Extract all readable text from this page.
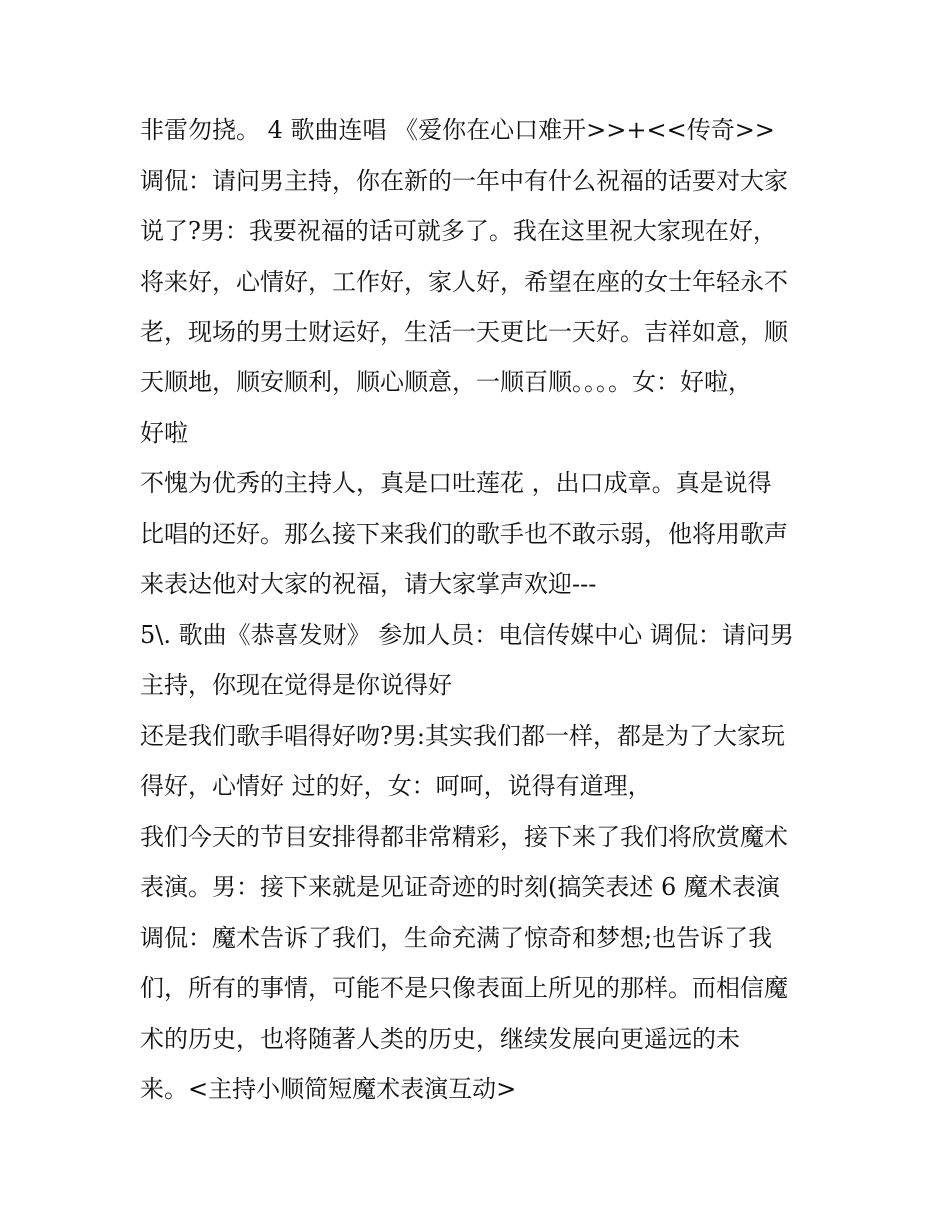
非雷勿挠。 4 歌曲连唱 《爱你在心口难开>>+<<传奇>>
调侃：请问男主持，你在新的一年中有什么祝福的话要对大家
说了?男：我要祝福的话可就多了。我在这里祝大家现在好，
将来好，心情好，工作好，家人好，希望在座的女士年轻永不
老，现场的男士财运好，生活一天更比一天好。吉祥如意，顺
天顺地，顺安顺利，顺心顺意，一顺百顺。。。。女：好啦，
好啦
不愧为优秀的主持人，真是口吐莲花 ，出口成章。真是说得
比唱的还好。那么接下来我们的歌手也不敢示弱，他将用歌声
来表达他对大家的祝福，请大家掌声欢迎---
5\. 歌曲《恭喜发财》 参加人员：电信传媒中心 调侃：请问男
主持，你现在觉得是你说得好
还是我们歌手唱得好吻?男:其实我们都一样，都是为了大家玩
得好，心情好 过的好，女：呵呵，说得有道理，
我们今天的节目安排得都非常精彩，接下来了我们将欣赏魔术
表演。男：接下来就是见证奇迹的时刻(搞笑表述 6 魔术表演
调侃：魔术告诉了我们，生命充满了惊奇和梦想;也告诉了我
们，所有的事情，可能不是只像表面上所见的那样。而相信魔
术的历史，也将随著人类的历史，继续发展向更遥远的未
来。<主持小顺简短魔术表演互动>
